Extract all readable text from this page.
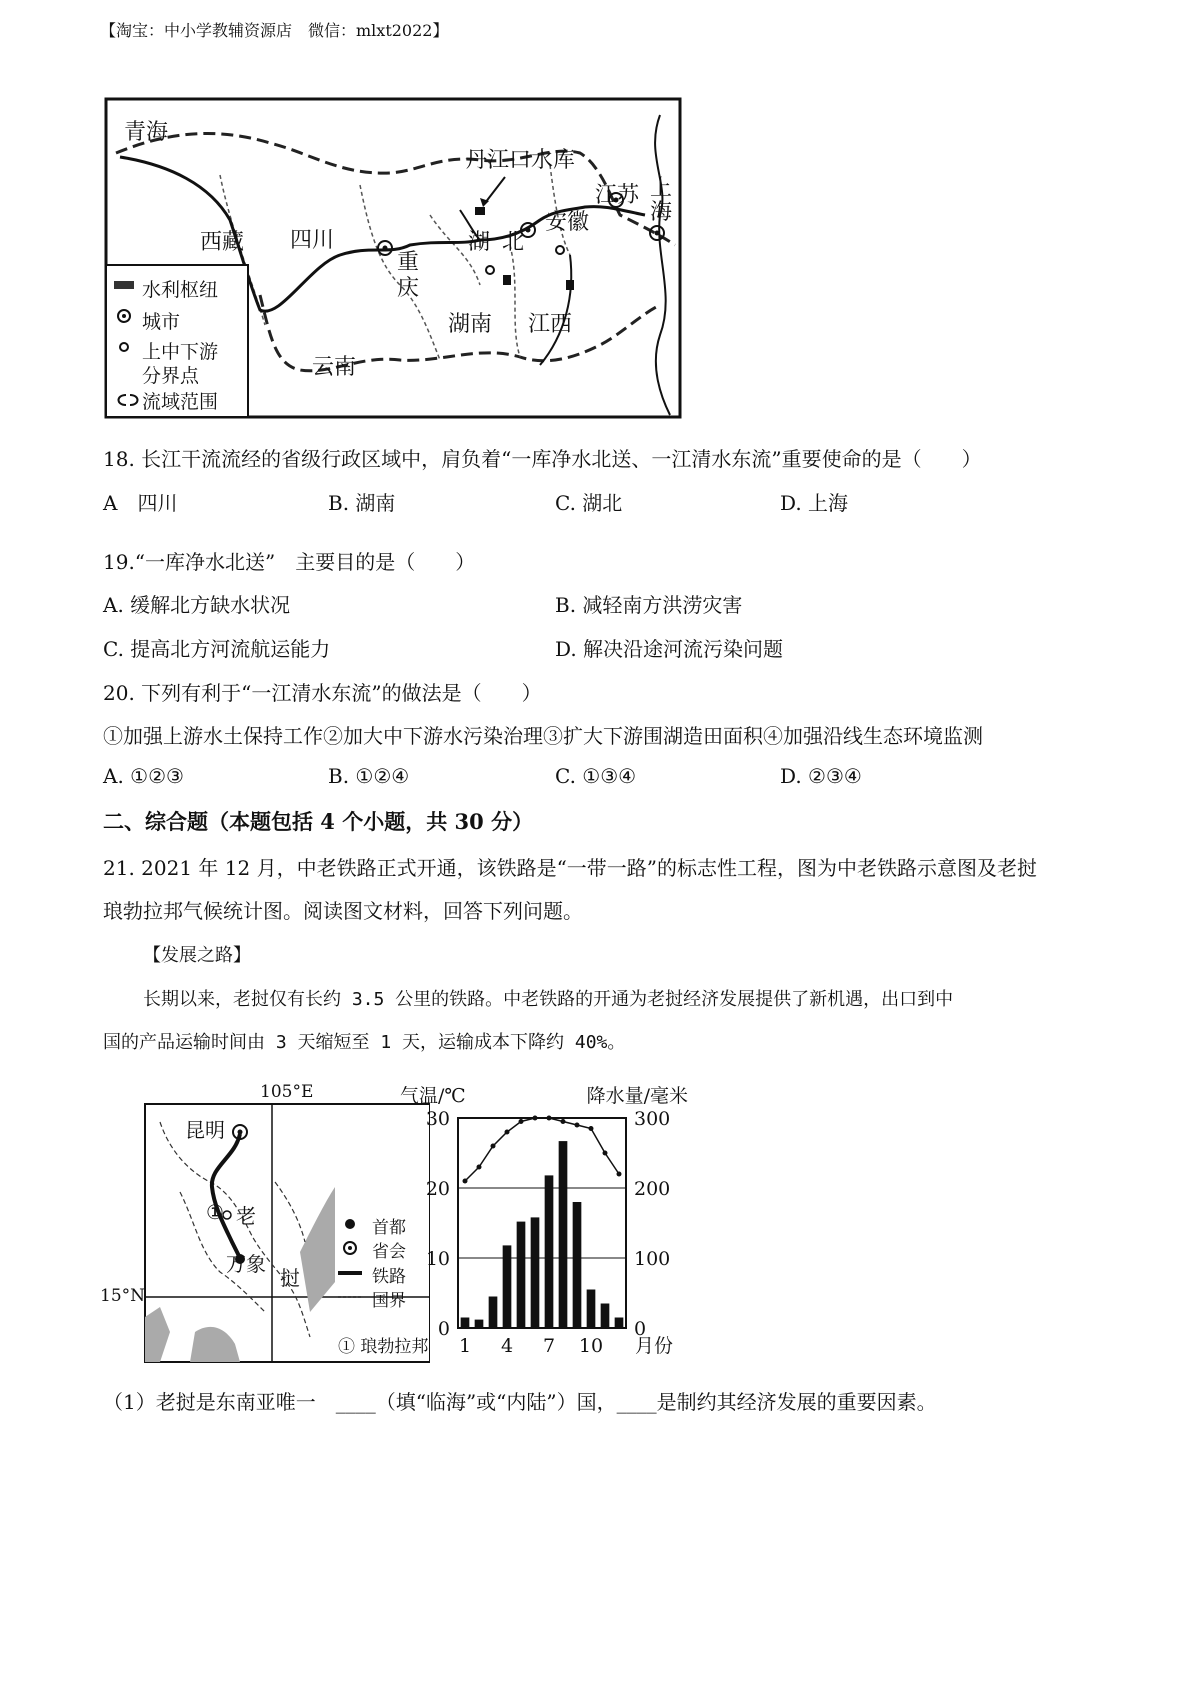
【淘宝：中小学教辅资源店　微信：mlxt2022】
青海
西藏 四川
重
庆
云南
湖 北
湖南 江西
安徽
江苏 上
海
丹江口水库
水利枢纽
城市
上中下游
分界点
流域范围
18. 长江干流流经的省级行政区域中，肩负着“一库净水北送、一江清水东流”重要使命的是（　　）
A　四川	B. 湖南	C. 湖北	D. 上海
19.“一库净水北送”　主要目的是（　　）
A. 缓解北方缺水状况	B. 减轻南方洪涝灾害
C. 提高北方河流航运能力	D. 解决沿途河流污染问题
20. 下列有利于“一江清水东流”的做法是（　　）
①加强上游水土保持工作②加大中下游水污染治理③扩大下游围湖造田面积④加强沿线生态环境监测
A. ①②③	B. ①②④	C. ①③④	D. ②③④
二、综合题（本题包括 4 个小题，共 30 分）
21. 2021 年 12 月，中老铁路正式开通，该铁路是“一带一路”的标志性工程，图为中老铁路示意图及老挝
琅勃拉邦气候统计图。阅读图文材料，回答下列问题。
【发展之路】
长期以来，老挝仅有长约 3.5 公里的铁路。中老铁路的开通为老挝经济发展提供了新机遇，出口到中
国的产品运输时间由 3 天缩短至 1 天，运输成本下降约 40%。
105°E
15°N
昆明
① 老
万象
挝
首都
省会
铁路
国界
① 琅勃拉邦
0
10
20
30
0
100
200
300
1 4 7 10 月份
气温/℃	降水量/毫米
（1）老挝是东南亚唯一　____（填“临海”或“内陆”）国，____是制约其经济发展的重要因素。
